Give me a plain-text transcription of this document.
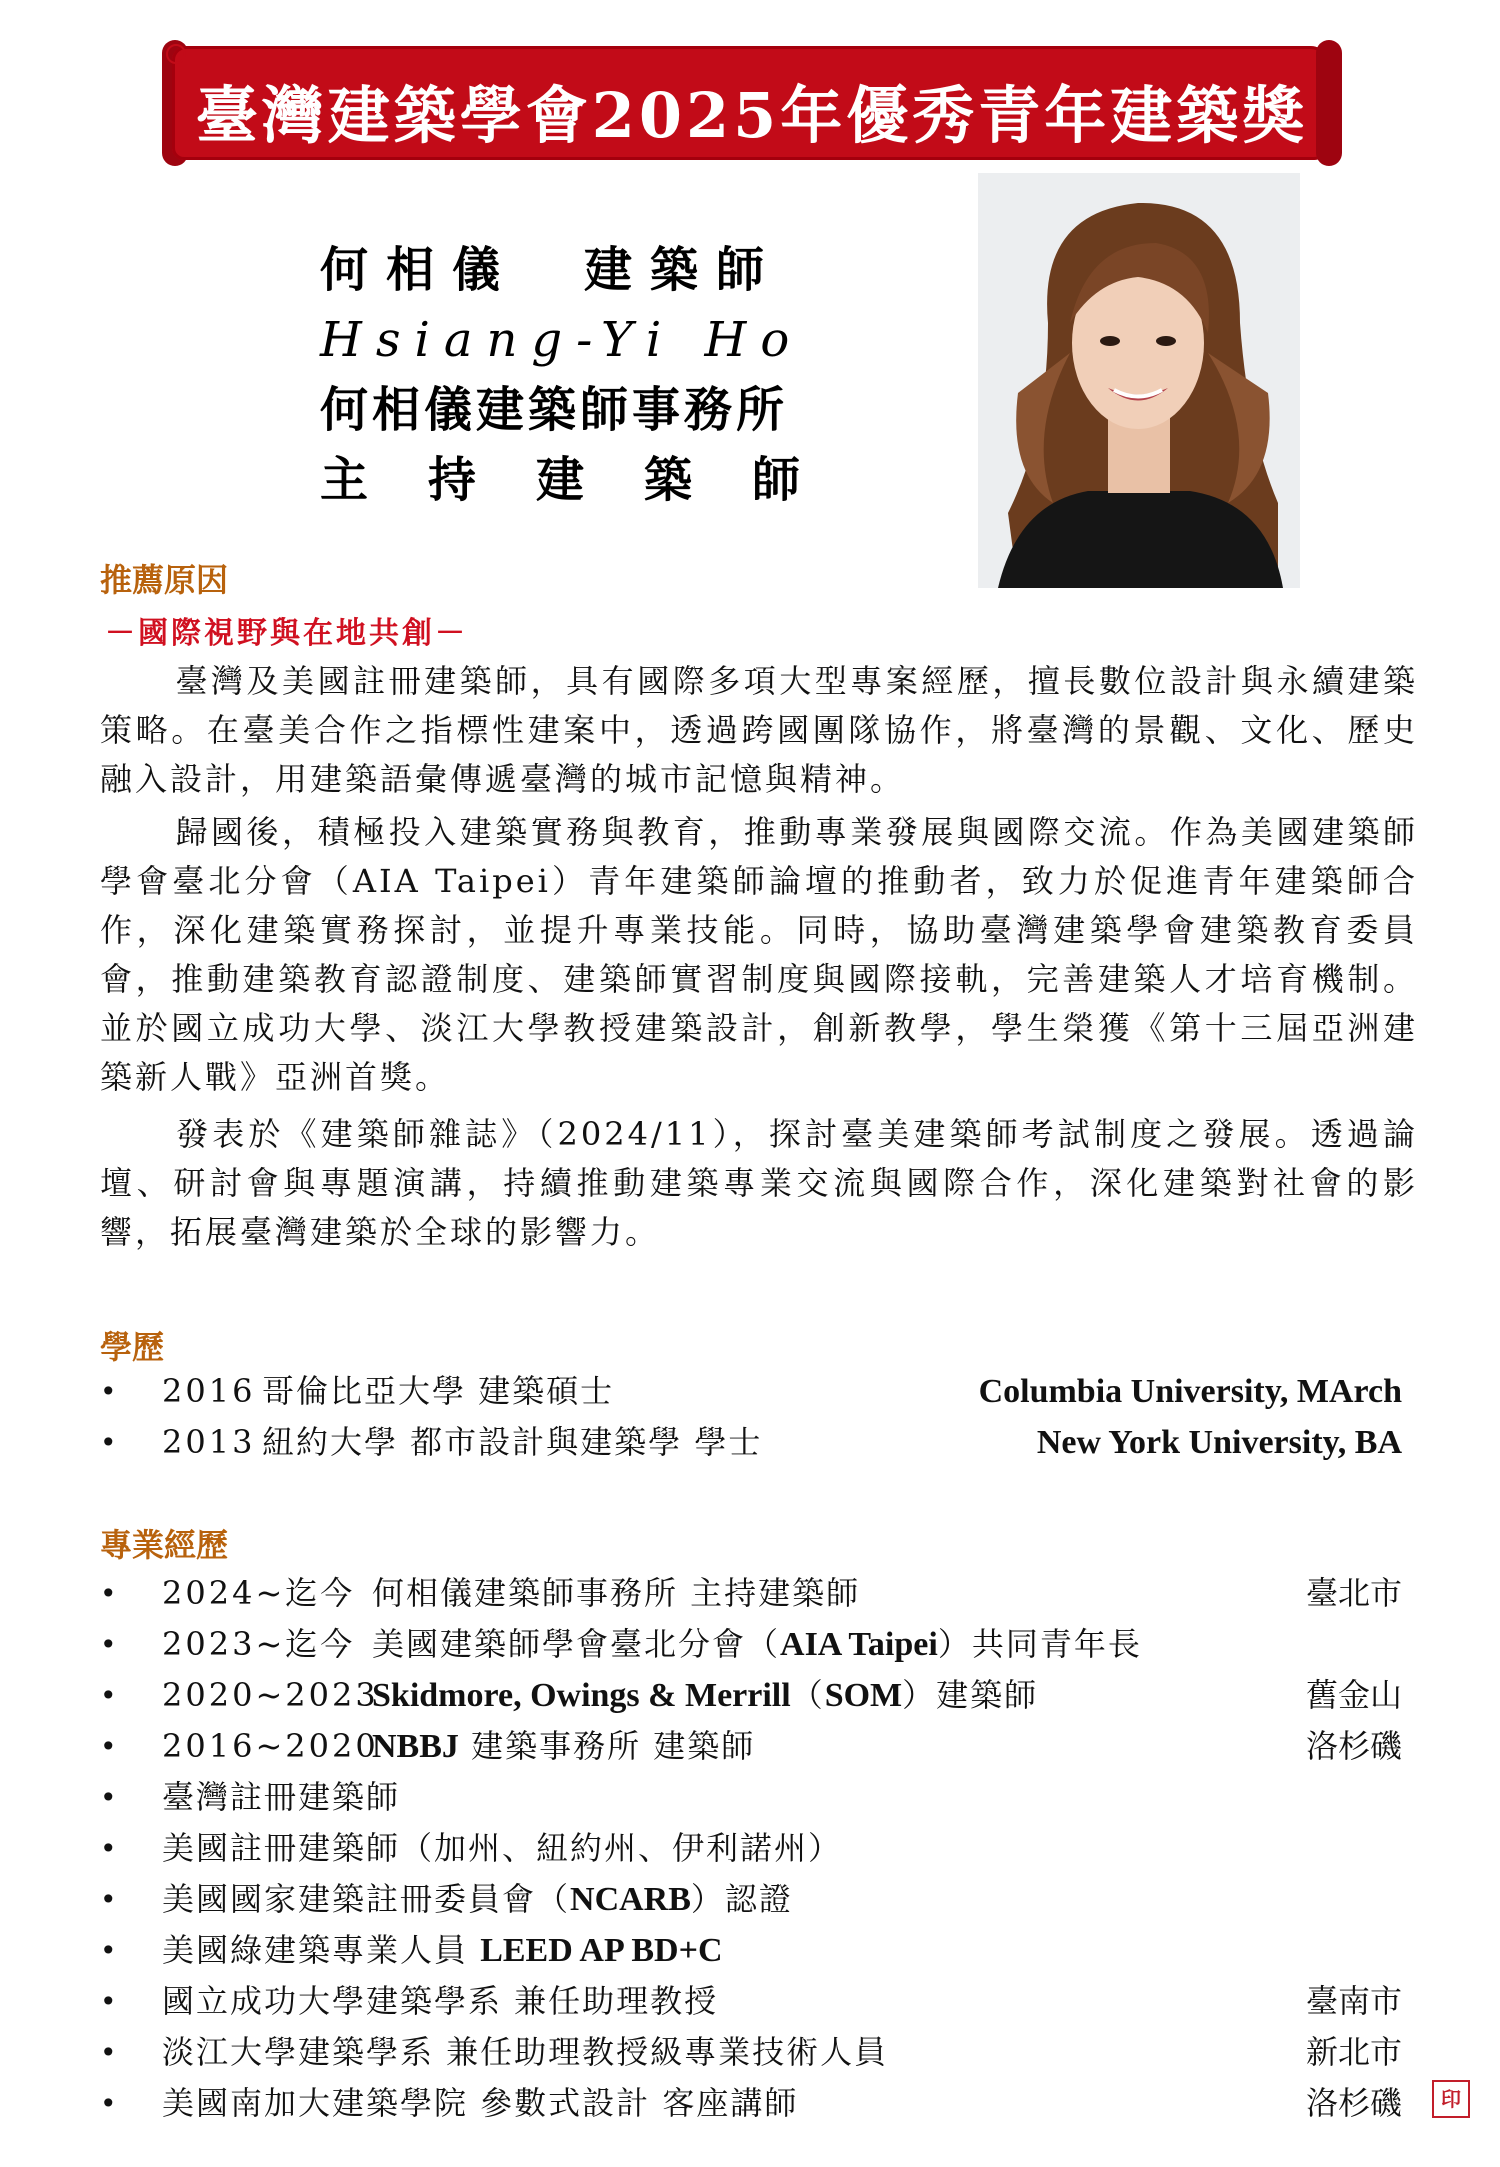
臺灣建築學會2025年優秀青年建築獎
何相儀　建築師
Hsiang-Yi Ho
何相儀建築師事務所
主持建築師
推薦原因
－國際視野與在地共創－
臺灣及美國註冊建築師，具有國際多項大型專案經歷，擅長數位設計與永續建築策略。在臺美合作之指標性建案中，透過跨國團隊協作，將臺灣的景觀、文化、歷史融入設計，用建築語彙傳遞臺灣的城市記憶與精神。
歸國後，積極投入建築實務與教育，推動專業發展與國際交流。作為美國建築師學會臺北分會（AIA Taipei）青年建築師論壇的推動者，致力於促進青年建築師合作，深化建築實務探討，並提升專業技能。同時，協助臺灣建築學會建築教育委員會，推動建築教育認證制度、建築師實習制度與國際接軌，完善建築人才培育機制。並於國立成功大學、淡江大學教授建築設計，創新教學，學生榮獲《第十三屆亞洲建築新人戰》亞洲首獎。
發表於《建築師雜誌》（2024/11），探討臺美建築師考試制度之發展。透過論壇、研討會與專題演講，持續推動建築專業交流與國際合作，深化建築對社會的影響，拓展臺灣建築於全球的影響力。
學歷
• 2016 哥倫比亞大學 建築碩士	Columbia University, MArch
• 2013 紐約大學 都市設計與建築學 學士	New York University, BA
專業經歷
• 2024~迄今 何相儀建築師事務所 主持建築師	臺北市
• 2023~迄今 美國建築師學會臺北分會（AIA Taipei）共同青年長
• 2020~2023Skidmore, Owings & Merrill（SOM）建築師	舊金山
• 2016~2020NBBJ 建築事務所 建築師	洛杉磯
• 臺灣註冊建築師
• 美國註冊建築師（加州、紐約州、伊利諾州）
• 美國國家建築註冊委員會（NCARB）認證
• 美國綠建築專業人員 LEED AP BD+C
• 國立成功大學建築學系 兼任助理教授	臺南市
• 淡江大學建築學系 兼任助理教授級專業技術人員	新北市
• 美國南加大建築學院 參數式設計 客座講師	洛杉磯	印
